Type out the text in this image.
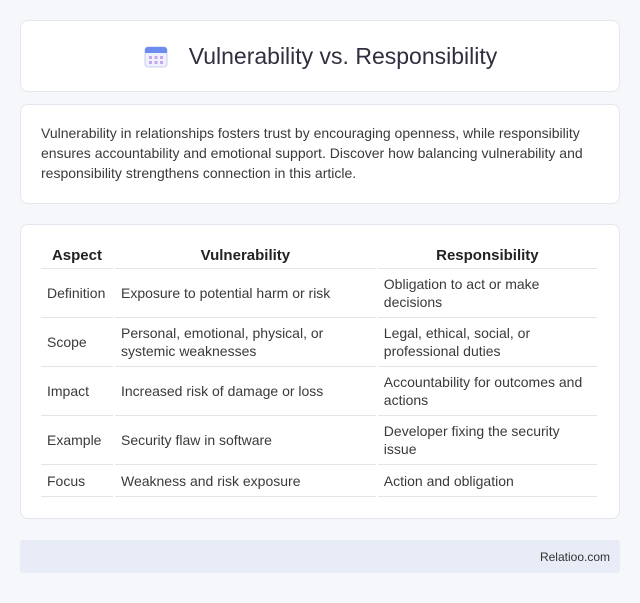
Vulnerability vs. Responsibility

Vulnerability in relationships fosters trust by encouraging openness, while responsibility ensures accountability and emotional support. Discover how balancing vulnerability and responsibility strengthens connection in this article.

Aspect	Vulnerability	Responsibility
Definition	Exposure to potential harm or risk	Obligation to act or make decisions
Scope	Personal, emotional, physical, or systemic weaknesses	Legal, ethical, social, or professional duties
Impact	Increased risk of damage or loss	Accountability for outcomes and actions
Example	Security flaw in software	Developer fixing the security issue
Focus	Weakness and risk exposure	Action and obligation
Relatioo.com
